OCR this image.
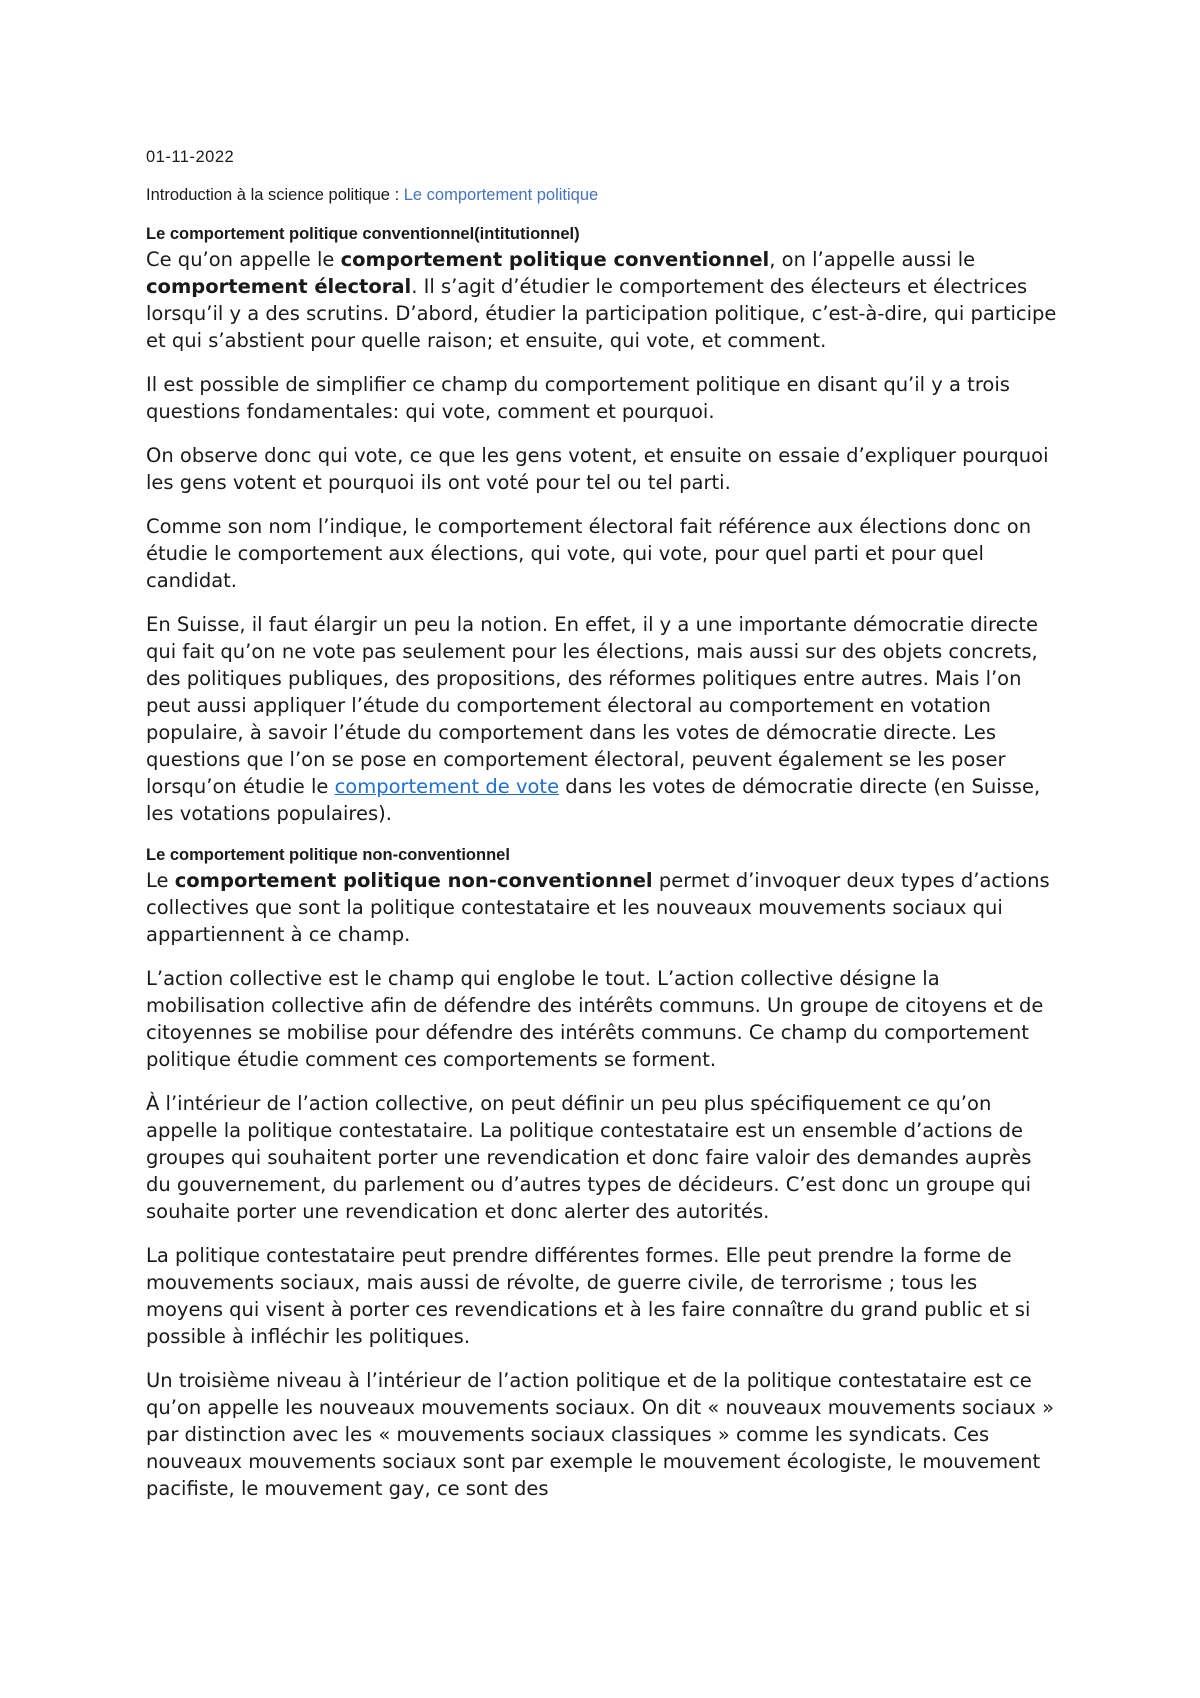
01-11-2022
Introduction à la science politique : Le comportement politique
Le comportement politique conventionnel(intitutionnel)

Ce qu’on appelle le comportement politique conventionnel, on l’appelle aussi le comportement électoral. Il s’agit d’étudier le comportement des électeurs et électrices lorsqu’il y a des scrutins. D’abord, étudier la participation politique, c’est-à-dire, qui participe et qui s’abstient pour quelle raison; et ensuite, qui vote, et comment.

Il est possible de simplifier ce champ du comportement politique en disant qu’il y a trois questions fondamentales: qui vote, comment et pourquoi.

On observe donc qui vote, ce que les gens votent, et ensuite on essaie d’expliquer pourquoi les gens votent et pourquoi ils ont voté pour tel ou tel parti.

Comme son nom l’indique, le comportement électoral fait référence aux élections donc on étudie le comportement aux élections, qui vote, qui vote, pour quel parti et pour quel candidat.

En Suisse, il faut élargir un peu la notion. En effet, il y a une importante démocratie directe qui fait qu’on ne vote pas seulement pour les élections, mais aussi sur des objets concrets, des politiques publiques, des propositions, des réformes politiques entre autres. Mais l’on peut aussi appliquer l’étude du comportement électoral au comportement en votation populaire, à savoir l’étude du comportement dans les votes de démocratie directe. Les questions que l’on se pose en comportement électoral, peuvent également se les poser lorsqu’on étudie le comportement de vote dans les votes de démocratie directe (en Suisse, les votations populaires).

Le comportement politique non-conventionnel

Le comportement politique non-conventionnel permet d’invoquer deux types d’actions collectives que sont la politique contestataire et les nouveaux mouvements sociaux qui appartiennent à ce champ.

L’action collective est le champ qui englobe le tout. L’action collective désigne la mobilisation collective afin de défendre des intérêts communs. Un groupe de citoyens et de citoyennes se mobilise pour défendre des intérêts communs. Ce champ du comportement politique étudie comment ces comportements se forment.

À l’intérieur de l’action collective, on peut définir un peu plus spécifiquement ce qu’on appelle la politique contestataire. La politique contestataire est un ensemble d’actions de groupes qui souhaitent porter une revendication et donc faire valoir des demandes auprès du gouvernement, du parlement ou d’autres types de décideurs. C’est donc un groupe qui souhaite porter une revendication et donc alerter des autorités.

La politique contestataire peut prendre différentes formes. Elle peut prendre la forme de mouvements sociaux, mais aussi de révolte, de guerre civile, de terrorisme ; tous les moyens qui visent à porter ces revendications et à les faire connaître du grand public et si possible à infléchir les politiques.

Un troisième niveau à l’intérieur de l’action politique et de la politique contestataire est ce qu’on appelle les nouveaux mouvements sociaux. On dit « nouveaux mouvements sociaux » par distinction avec les « mouvements sociaux classiques » comme les syndicats. Ces nouveaux mouvements sociaux sont par exemple le mouvement écologiste, le mouvement pacifiste, le mouvement gay, ce sont des
